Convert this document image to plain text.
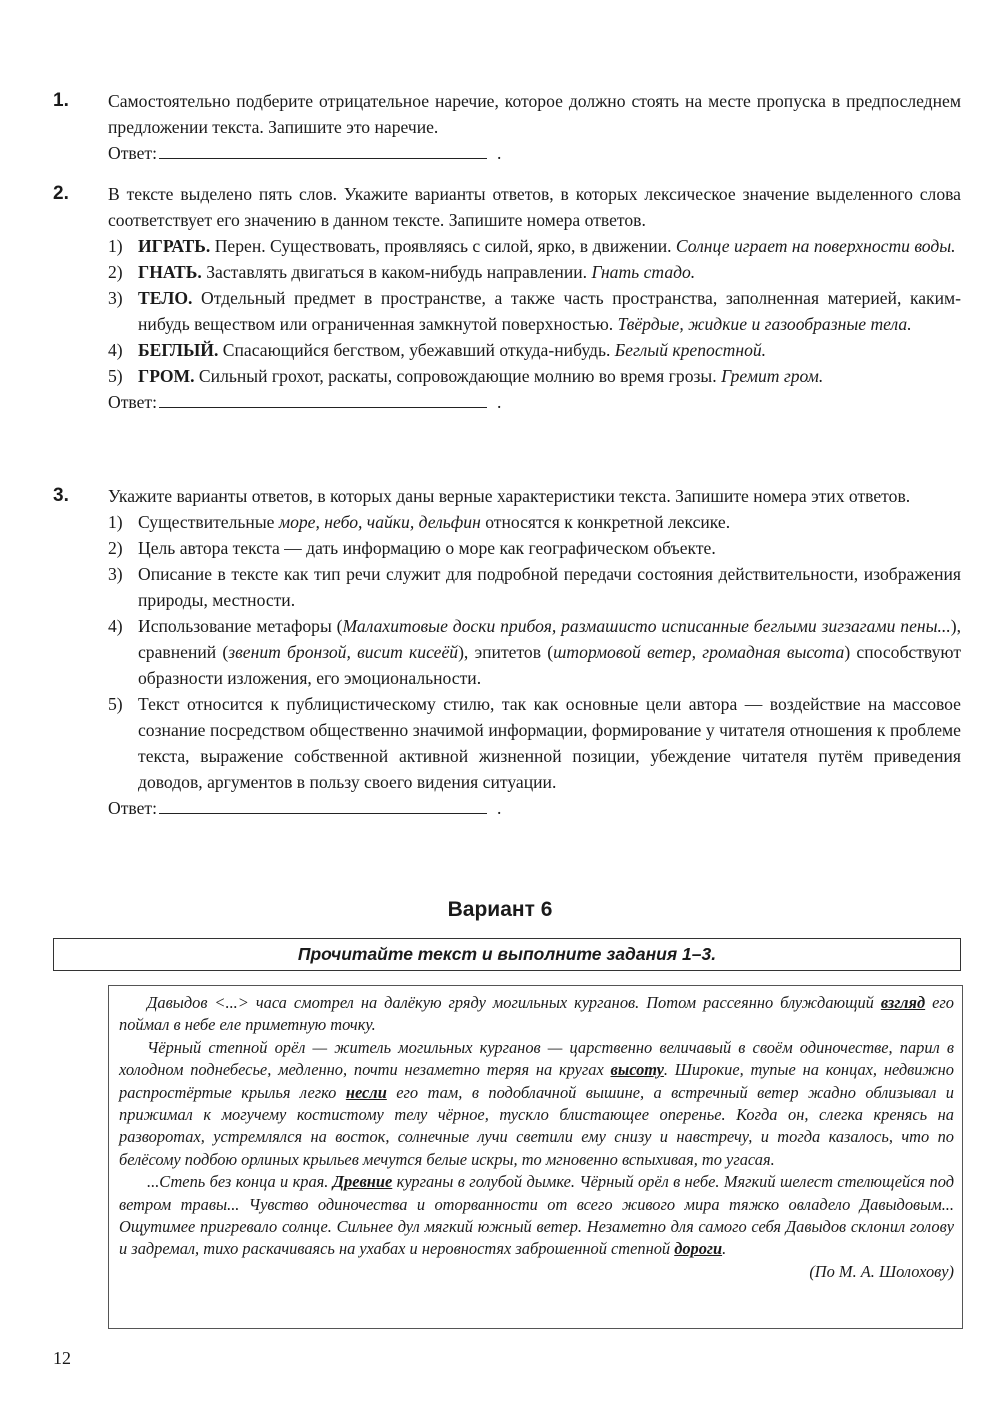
1. Самостоятельно подберите отрицательное наречие, которое должно стоять на месте пропуска в предпоследнем предложении текста. Запишите это наречие.
Ответ:	.
2. В тексте выделено пять слов. Укажите варианты ответов, в которых лексическое значение выделенного слова соответствует его значению в данном тексте. Запишите номера ответов.
1) ИГРАТЬ. Перен. Существовать, проявляясь с силой, ярко, в движении. Солнце играет на поверхности воды.
2) ГНАТЬ. Заставлять двигаться в каком-нибудь направлении. Гнать стадо.
3) ТЕЛО. Отдельный предмет в пространстве, а также часть пространства, заполненная материей, каким-нибудь веществом или ограниченная замкнутой поверхностью. Твёрдые, жидкие и газообразные тела.
4) БЕГЛЫЙ. Спасающийся бегством, убежавший откуда-нибудь. Беглый крепостной.
5) ГРОМ. Сильный грохот, раскаты, сопровождающие молнию во время грозы. Гремит гром.
Ответ:	.
3. Укажите варианты ответов, в которых даны верные характеристики текста. Запишите номера этих ответов.
1) Существительные море, небо, чайки, дельфин относятся к конкретной лексике.
2) Цель автора текста — дать информацию о море как географическом объекте.
3) Описание в тексте как тип речи служит для подробной передачи состояния действительности, изображения природы, местности.
4) Использование метафоры (Малахитовые доски прибоя, размашисто исписанные беглыми зигзагами пены...), сравнений (звенит бронзой, висит кисеёй), эпитетов (штормовой ветер, громадная высота) способствуют образности изложения, его эмоциональности.
5) Текст относится к публицистическому стилю, так как основные цели автора — воздействие на массовое сознание посредством общественно значимой информации, формирование у читателя отношения к проблеме текста, выражение собственной активной жизненной позиции, убеждение читателя путём приведения доводов, аргументов в пользу своего видения ситуации.
Ответ:	.
Вариант 6
Прочитайте текст и выполните задания 1–3.

Давыдов <...> часа смотрел на далёкую гряду могильных курганов. Потом рассеянно блуждающий взгляд его поймал в небе еле приметную точку.

Чёрный степной орёл — житель могильных курганов — царственно величавый в своём одиночестве, парил в холодном поднебесье, медленно, почти незаметно теряя на кругах высоту. Широкие, тупые на концах, недвижно распростёртые крылья легко несли его там, в подоблачной вышине, а встречный ветер жадно облизывал и прижимал к могучему костистому телу чёрное, тускло блистающее оперенье. Когда он, слегка кренясь на разворотах, устремлялся на восток, солнечные лучи светили ему снизу и навстречу, и тогда казалось, что по белёсому подбою орлиных крыльев мечутся белые искры, то мгновенно вспыхивая, то угасая.

...Степь без конца и края. Древние курганы в голубой дымке. Чёрный орёл в небе. Мягкий шелест стелющейся под ветром травы... Чувство одиночества и оторванности от всего живого мира тяжко овладело Давыдовым... Ощутимее пригревало солнце. Сильнее дул мягкий южный ветер. Незаметно для самого себя Давыдов склонил голову и задремал, тихо раскачиваясь на ухабах и неровностях заброшенной степной дороги.

(По М. А. Шолохову)
12
